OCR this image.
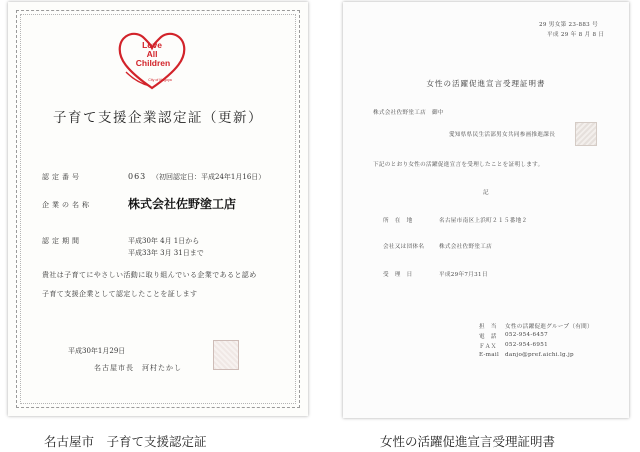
Love
All
Children
City of Nagoya
子育て支援企業認定証（更新）
認定番号	063 （初回認定日：平成24年1月16日）
企業の名称	株式会社佐野塗工店
認定期間	平成30年 4月 1日から
平成33年 3月 31日まで
貴社は子育てにやさしい活動に取り組んでいる企業であると認め
子育て支援企業として認定したことを証します
平成30年1月29日
名古屋市長　河村たかし
29 男女第 23-883 号
平成 29 年 8 月 8 日
女性の活躍促進宣言受理証明書
株式会社佐野塗工店　御中
愛知県県民生活部男女共同参画推進課長
下記のとおり女性の活躍促進宣言を受理したことを証明します。
記
所　在　地	名古屋市南区上浜町２１５番地２
会社又は団体名	株式会社佐野塗工店
受　理　日	平成29年7月31日
担　当 女性の活躍促進グループ（有間）
電　話 052-954-6457
ＦＡＸ 052-954-6951
E-mail danjo@pref.aichi.lg.jp
名古屋市　子育て支援認定証	女性の活躍促進宣言受理証明書
